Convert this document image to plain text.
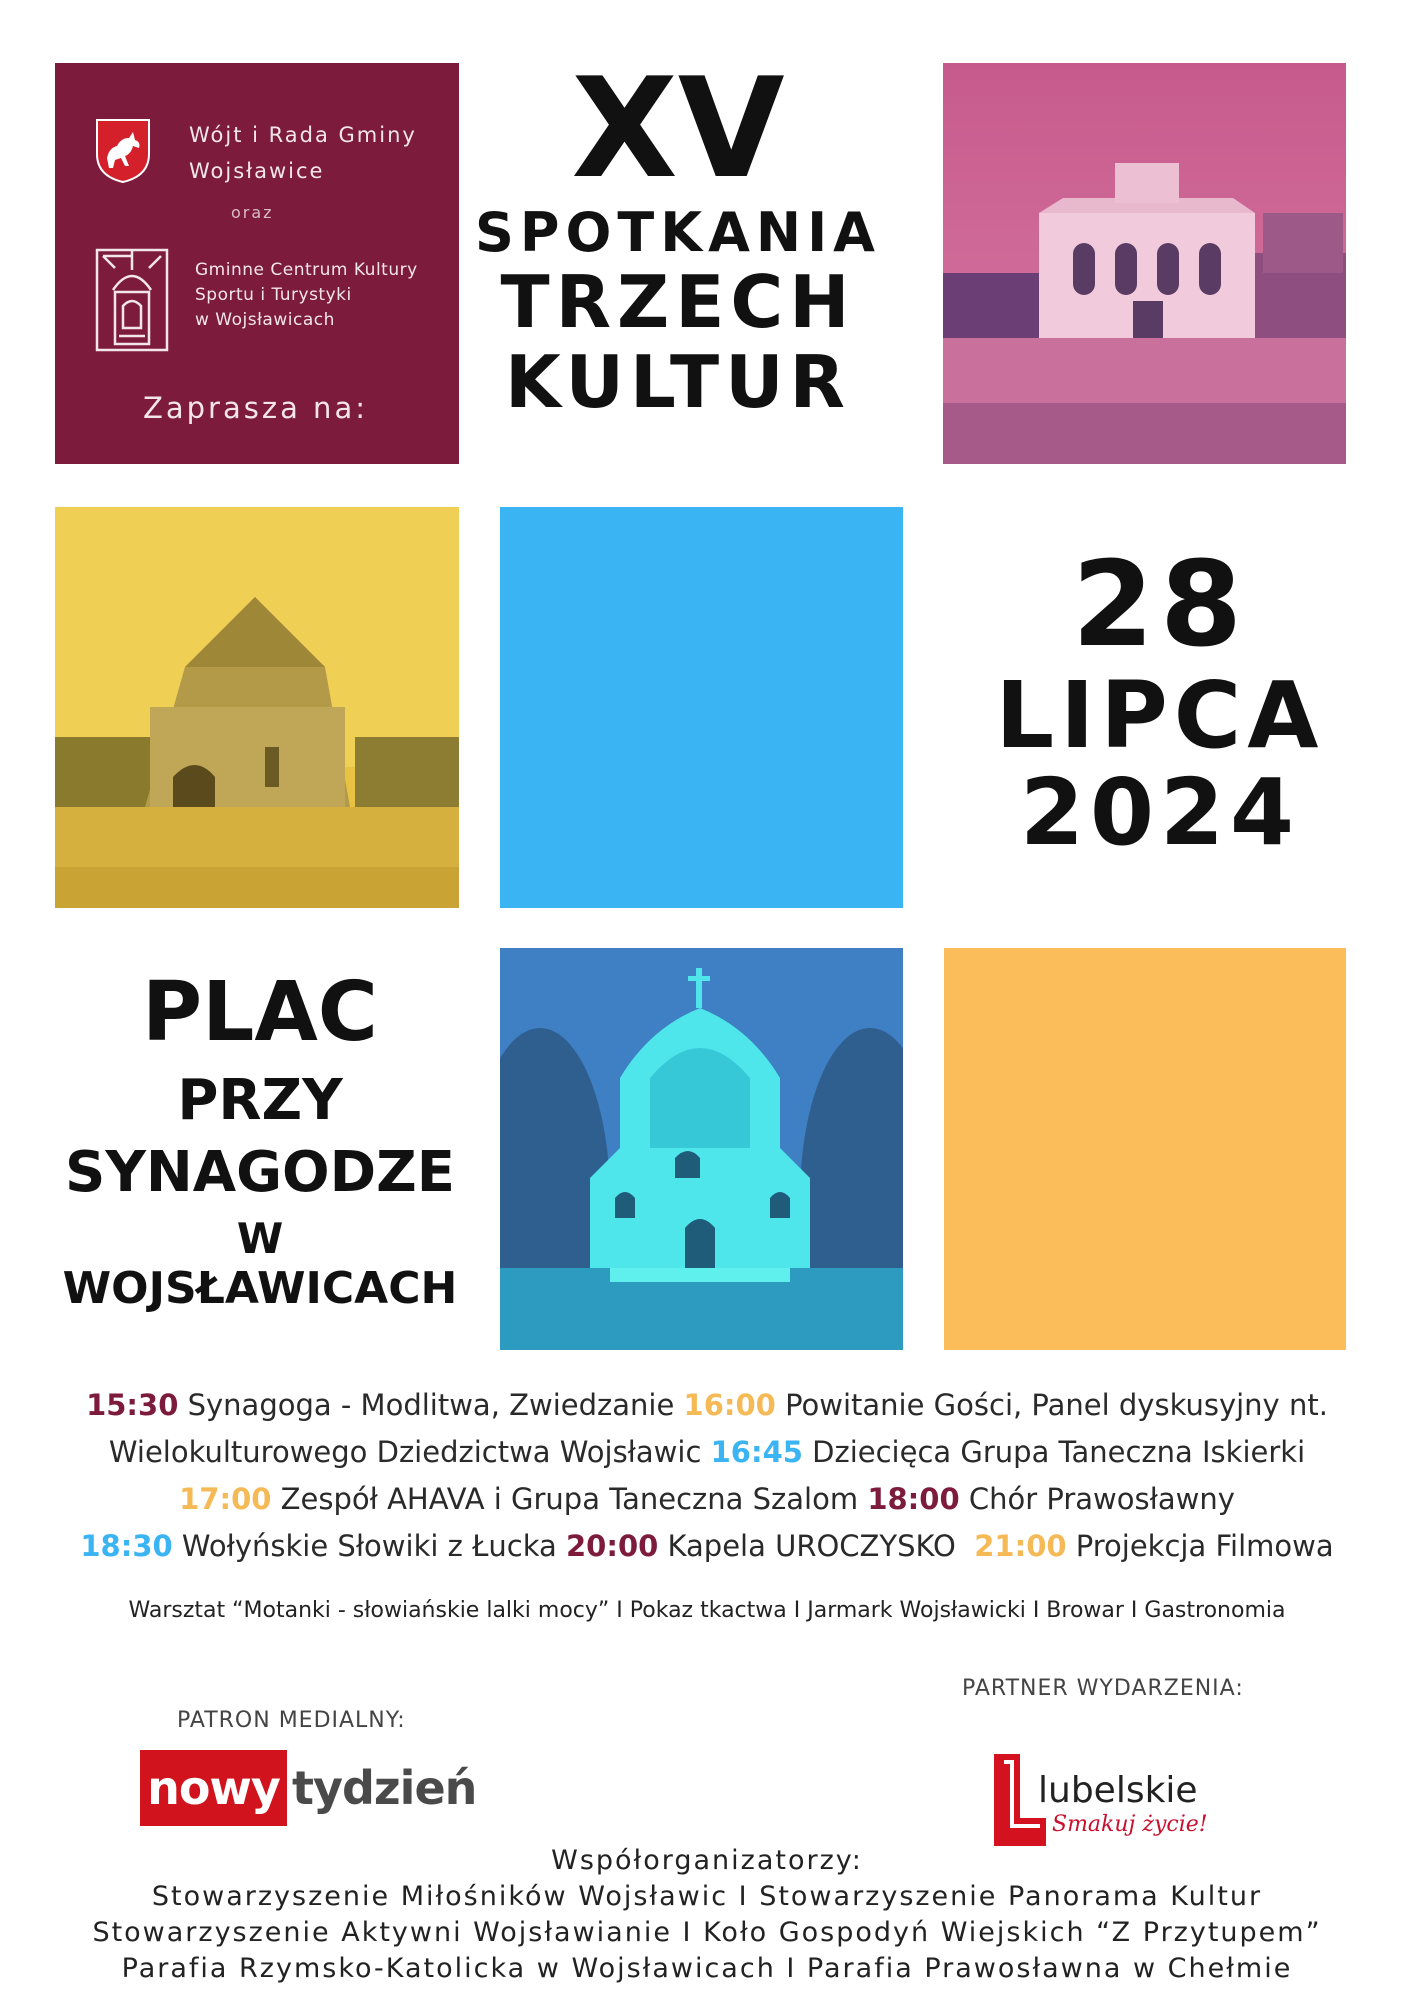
Wójt i Rada Gminy
Wojsławice
oraz
Gminne Centrum Kultury
Sportu i Turystyki
w Wojsławicach
Zaprasza na:
XV
SPOTKANIA
TRZECH
KULTUR
28
LIPCA
2024
PLAC
PRZY
SYNAGODZE
W
WOJSŁAWICACH
15:30 Synagoga - Modlitwa, Zwiedzanie 16:00 Powitanie Gości, Panel dyskusyjny nt. Wielokulturowego Dziedzictwa Wojsławic 16:45 Dziecięca Grupa Taneczna Iskierki
17:00 Zespół AHAVA i Grupa Taneczna Szalom 18:00 Chór Prawosławny
18:30 Wołyńskie Słowiki z Łucka 20:00 Kapela UROCZYSKO 21:00 Projekcja Filmowa
Warsztat “Motanki - słowiańskie lalki mocy” I Pokaz tkactwa I Jarmark Wojsławicki I Browar I Gastronomia
PATRON MEDIALNY:
PARTNER WYDARZENIA:
nowy tydzień	lubelskie
Smakuj życie!
Współorganizatorzy:
Stowarzyszenie Miłośników Wojsławic I Stowarzyszenie Panorama Kultur
Stowarzyszenie Aktywni Wojsławianie I Koło Gospodyń Wiejskich “Z Przytupem”
Parafia Rzymsko-Katolicka w Wojsławicach I Parafia Prawosławna w Chełmie
